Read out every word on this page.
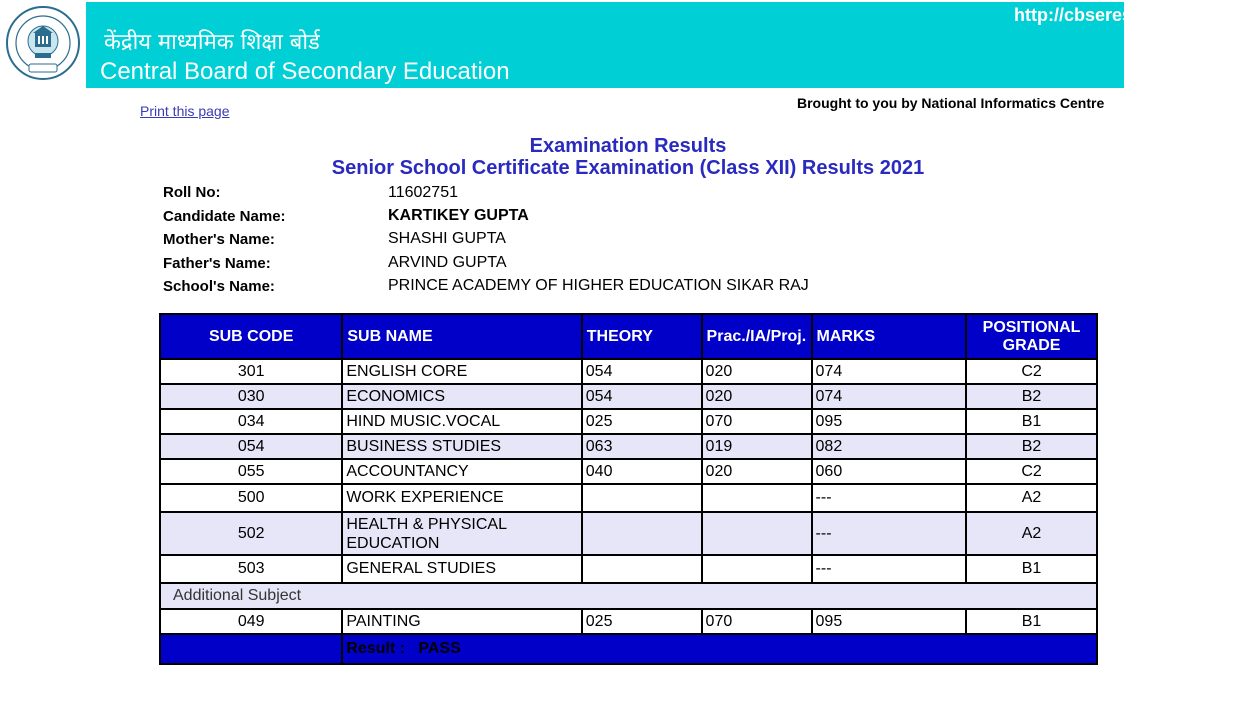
केंद्रीय माध्यमिक शिक्षा बोर्ड
Central Board of Secondary Education
http://cbseresults.nic.in
Print this page	Brought to you by National Informatics Centre
Examination Results
Senior School Certificate Examination (Class XII) Results 2021
Roll No:	11602751
Candidate Name:	KARTIKEY GUPTA
Mother's Name:	SHASHI GUPTA
Father's Name:	ARVIND GUPTA
School's Name:	PRINCE ACADEMY OF HIGHER EDUCATION SIKAR RAJ
SUB CODE	SUB NAME	THEORY	Prac./IA/Proj.	MARKS	POSITIONAL GRADE
301	ENGLISH CORE	054	020	074	C2
030	ECONOMICS	054	020	074	B2
034	HIND MUSIC.VOCAL	025	070	095	B1
054	BUSINESS STUDIES	063	019	082	B2
055	ACCOUNTANCY	040	020	060	C2
500	WORK EXPERIENCE			---	A2
502	HEALTH & PHYSICAL EDUCATION			---	A2
503	GENERAL STUDIES			---	B1
Additional Subject					
049	PAINTING	025	070	095	B1
	Result :   PASS				
